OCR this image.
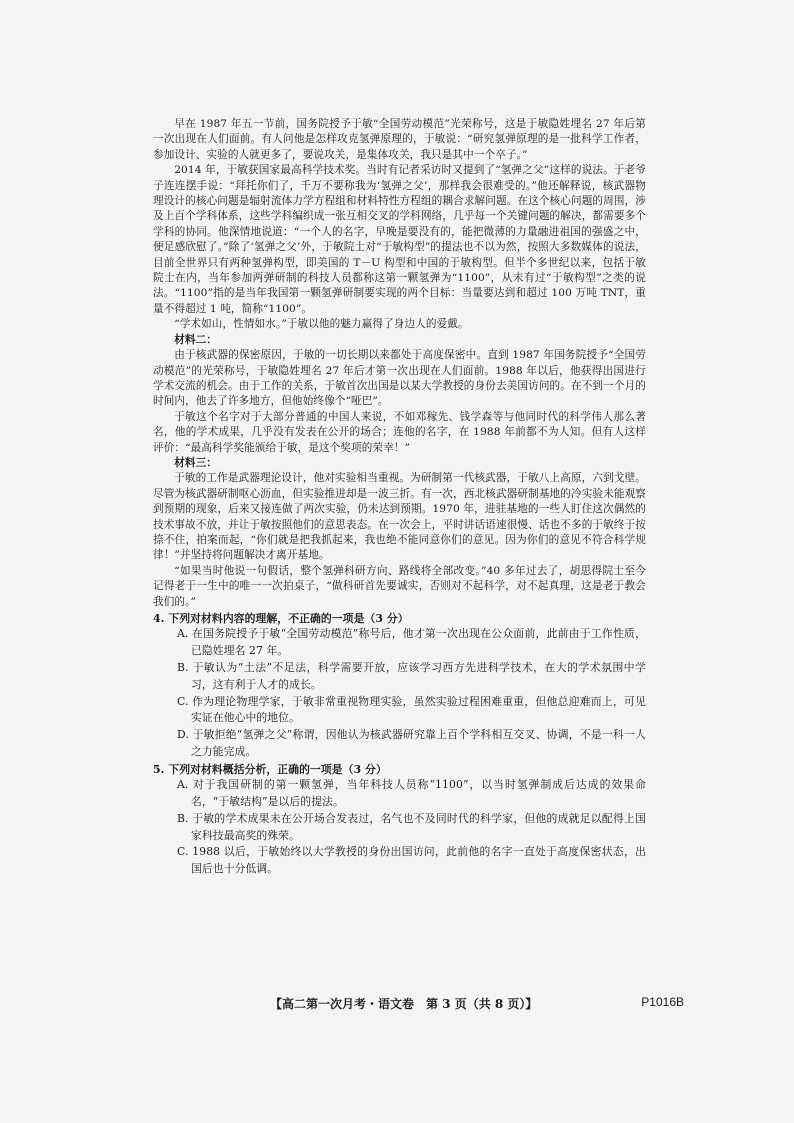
早在 1987 年五一节前，国务院授予于敏“全国劳动模范”光荣称号，这是于敏隐姓埋名 27 年后第一次出现在人们面前。有人问他是怎样攻克氢弹原理的，于敏说：“研究氢弹原理的是一批科学工作者，参加设计、实验的人就更多了，要说攻关，是集体攻关，我只是其中一个卒子。”

2014 年，于敏获国家最高科学技术奖。当时有记者采访时又提到了“氢弹之父”这样的说法。于老爷子连连摆手说：“拜托你们了，千万不要称我为‘氢弹之父’，那样我会很难受的。”他还解释说，核武器物理设计的核心问题是辐射流体力学方程组和材料特性方程组的耦合求解问题。在这个核心问题的周围，涉及上百个学科体系，这些学科编织成一张互相交叉的学科网络，几乎每一个关键问题的解决，都需要多个学科的协同。他深情地说道：“一个人的名字，早晚是要没有的，能把微薄的力量融进祖国的强盛之中，便足感欣慰了。”除了‘氢弹之父’外，于敏院士对“于敏构型”的提法也不以为然，按照大多数媒体的说法，目前全世界只有两种氢弹构型，即美国的 T－U 构型和中国的于敏构型。但半个多世纪以来，包括于敏院士在内，当年参加两弹研制的科技人员都称这第一颗氢弹为“1100”，从未有过“于敏构型”之类的说法。“1100”指的是当年我国第一颗氢弹研制要实现的两个目标：当量要达到和超过 100 万吨 TNT，重量不得超过 1 吨，简称“1100”。

“学术如山，性情如水。”于敏以他的魅力赢得了身边人的爱戴。

材料二：

由于核武器的保密原因，于敏的一切长期以来都处于高度保密中。直到 1987 年国务院授予“全国劳动模范”的光荣称号，于敏隐姓埋名 27 年后才第一次出现在人们面前。1988 年以后，他获得出国进行学术交流的机会。由于工作的关系，于敏首次出国是以某大学教授的身份去美国访问的。在不到一个月的时间内，他去了许多地方，但他始终像个“哑巴”。

于敏这个名字对于大部分普通的中国人来说，不如邓稼先、钱学森等与他同时代的科学伟人那么著名，他的学术成果，几乎没有发表在公开的场合；连他的名字，在 1988 年前都不为人知。但有人这样评价：“最高科学奖能颁给于敏，是这个奖项的荣幸！”

材料三：

于敏的工作是武器理论设计，他对实验相当重视。为研制第一代核武器，于敏八上高原，六到戈壁。尽管为核武器研制呕心沥血，但实验推进却是一波三折。有一次，西北核武器研制基地的冷实验未能观察到预期的现象，后来又接连做了两次实验，仍未达到预期。1970 年，进驻基地的一些人盯住这次偶然的技术事故不放，并让于敏按照他们的意思表态。在一次会上，平时讲话语速很慢、话也不多的于敏终于按捺不住，拍案而起，“你们就是把我抓起来，我也绝不能同意你们的意见。因为你们的意见不符合科学规律！”并坚持将问题解决才离开基地。

“如果当时他说一句假话，整个氢弹科研方向、路线将全部改变。”40 多年过去了，胡思得院士至今记得老于一生中的唯一一次拍桌子，“做科研首先要诚实，否则对不起科学，对不起真理，这是老于教会我们的。”

4. 下列对材料内容的理解，不正确的一项是（3 分）

A. 在国务院授予于敏“全国劳动模范”称号后，他才第一次出现在公众面前，此前由于工作性质，已隐姓埋名 27 年。

B. 于敏认为“土法”不足法，科学需要开放，应该学习西方先进科学技术，在大的学术氛围中学习，这有利于人才的成长。

C. 作为理论物理学家，于敏非常重视物理实验，虽然实验过程困难重重，但他总迎难而上，可见实证在他心中的地位。

D. 于敏拒绝“氢弹之父”称谓，因他认为核武器研究靠上百个学科相互交叉、协调，不是一科一人之力能完成。

5. 下列对材料概括分析，正确的一项是（3 分）

A. 对于我国研制的第一颗氢弹，当年科技人员称“1100”，以当时氢弹制成后达成的效果命名，“于敏结构”是以后的提法。

B. 于敏的学术成果未在公开场合发表过，名气也不及同时代的科学家，但他的成就足以配得上国家科技最高奖的殊荣。

C. 1988 以后，于敏始终以大学教授的身份出国访问，此前他的名字一直处于高度保密状态，出国后也十分低调。

【高二第一次月考・语文卷　第 3 页（共 8 页）】	P1016B
